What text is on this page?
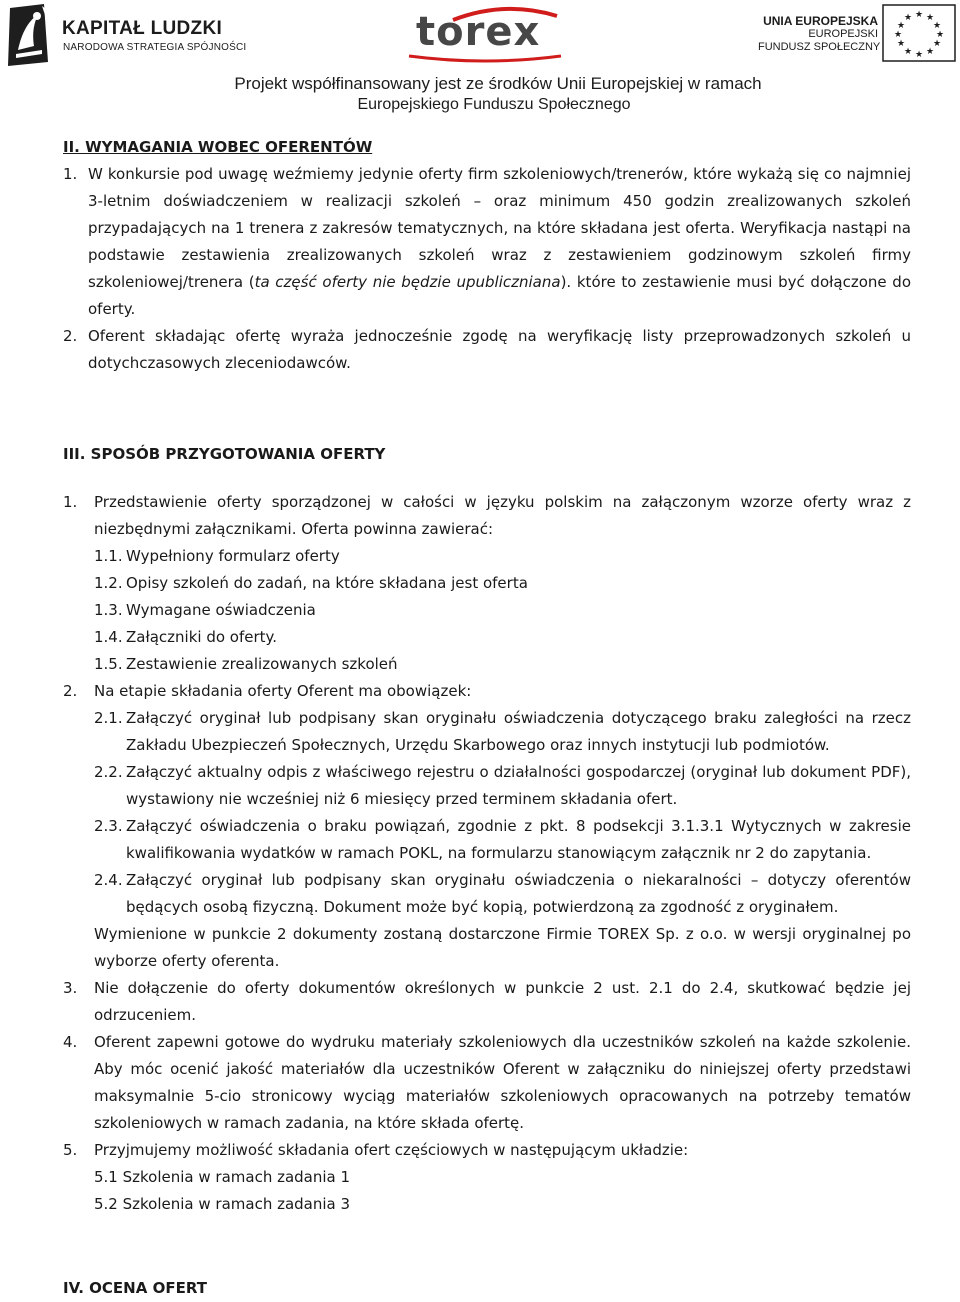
KAPITAŁ LUDZKI
NARODOWA STRATEGIA SPÓJNOŚCI	torex	UNIA EUROPEJSKA
EUROPEJSKI
FUNDUSZ SPOŁECZNY
★ ★
★
★
★
★
★
★
★
★
★
★
Projekt współfinansowany jest ze środków Unii Europejskiej w ramach
Europejskiego Funduszu Społecznego

II. WYMAGANIA WOBEC OFERENTÓW

1. W konkursie pod uwagę weźmiemy jedynie oferty firm szkoleniowych/trenerów, które wykażą się co najmniej 3-letnim doświadczeniem w realizacji szkoleń – oraz minimum 450 godzin zrealizowanych szkoleń przypadających na 1 trenera z zakresów tematycznych, na które składana jest oferta. Weryfikacja nastąpi na podstawie zestawienia zrealizowanych szkoleń wraz z zestawieniem godzinowym szkoleń firmy szkoleniowej/trenera (ta część oferty nie będzie upubliczniana). które to zestawienie musi być dołączone do oferty.
2. Oferent składając ofertę wyraża jednocześnie zgodę na weryfikację listy przeprowadzonych szkoleń u dotychczasowych zleceniodawców.

III. SPOSÓB PRZYGOTOWANIA OFERTY

1. Przedstawienie oferty sporządzonej w całości w języku polskim na załączonym wzorze oferty wraz z niezbędnymi załącznikami. Oferta powinna zawierać:
1.1. Wypełniony formularz oferty
1.2. Opisy szkoleń do zadań, na które składana jest oferta
1.3. Wymagane oświadczenia
1.4. Załączniki do oferty.
1.5. Zestawienie zrealizowanych szkoleń
2. Na etapie składania oferty Oferent ma obowiązek:
2.1. Załączyć oryginał lub podpisany skan oryginału oświadczenia dotyczącego braku zaległości na rzecz Zakładu Ubezpieczeń Społecznych, Urzędu Skarbowego oraz innych instytucji lub podmiotów.
2.2. Załączyć aktualny odpis z właściwego rejestru o działalności gospodarczej (oryginał lub dokument PDF), wystawiony nie wcześniej niż 6 miesięcy przed terminem składania ofert.
2.3. Załączyć oświadczenia o braku powiązań, zgodnie z pkt. 8 podsekcji 3.1.3.1 Wytycznych w zakresie kwalifikowania wydatków w ramach POKL, na formularzu stanowiącym załącznik nr 2 do zapytania.
2.4. Załączyć oryginał lub podpisany skan oryginału oświadczenia o niekaralności – dotyczy oferentów będących osobą fizyczną. Dokument może być kopią, potwierdzoną za zgodność z oryginałem.
Wymienione w punkcie 2 dokumenty zostaną dostarczone Firmie TOREX Sp. z o.o. w wersji oryginalnej po wyborze oferty oferenta.
3. Nie dołączenie do oferty dokumentów określonych w punkcie 2 ust. 2.1 do 2.4, skutkować będzie jej odrzuceniem.
4. Oferent zapewni gotowe do wydruku materiały szkoleniowych dla uczestników szkoleń na każde szkolenie. Aby móc ocenić jakość materiałów dla uczestników Oferent w załączniku do niniejszej oferty przedstawi maksymalnie 5-cio stronicowy wyciąg materiałów szkoleniowych opracowanych na potrzeby tematów szkoleniowych w ramach zadania, na które składa ofertę.
5. Przyjmujemy możliwość składania ofert częściowych w następującym układzie:
5.1 Szkolenia w ramach zadania 1
5.2 Szkolenia w ramach zadania 3

IV. OCENA OFERT
